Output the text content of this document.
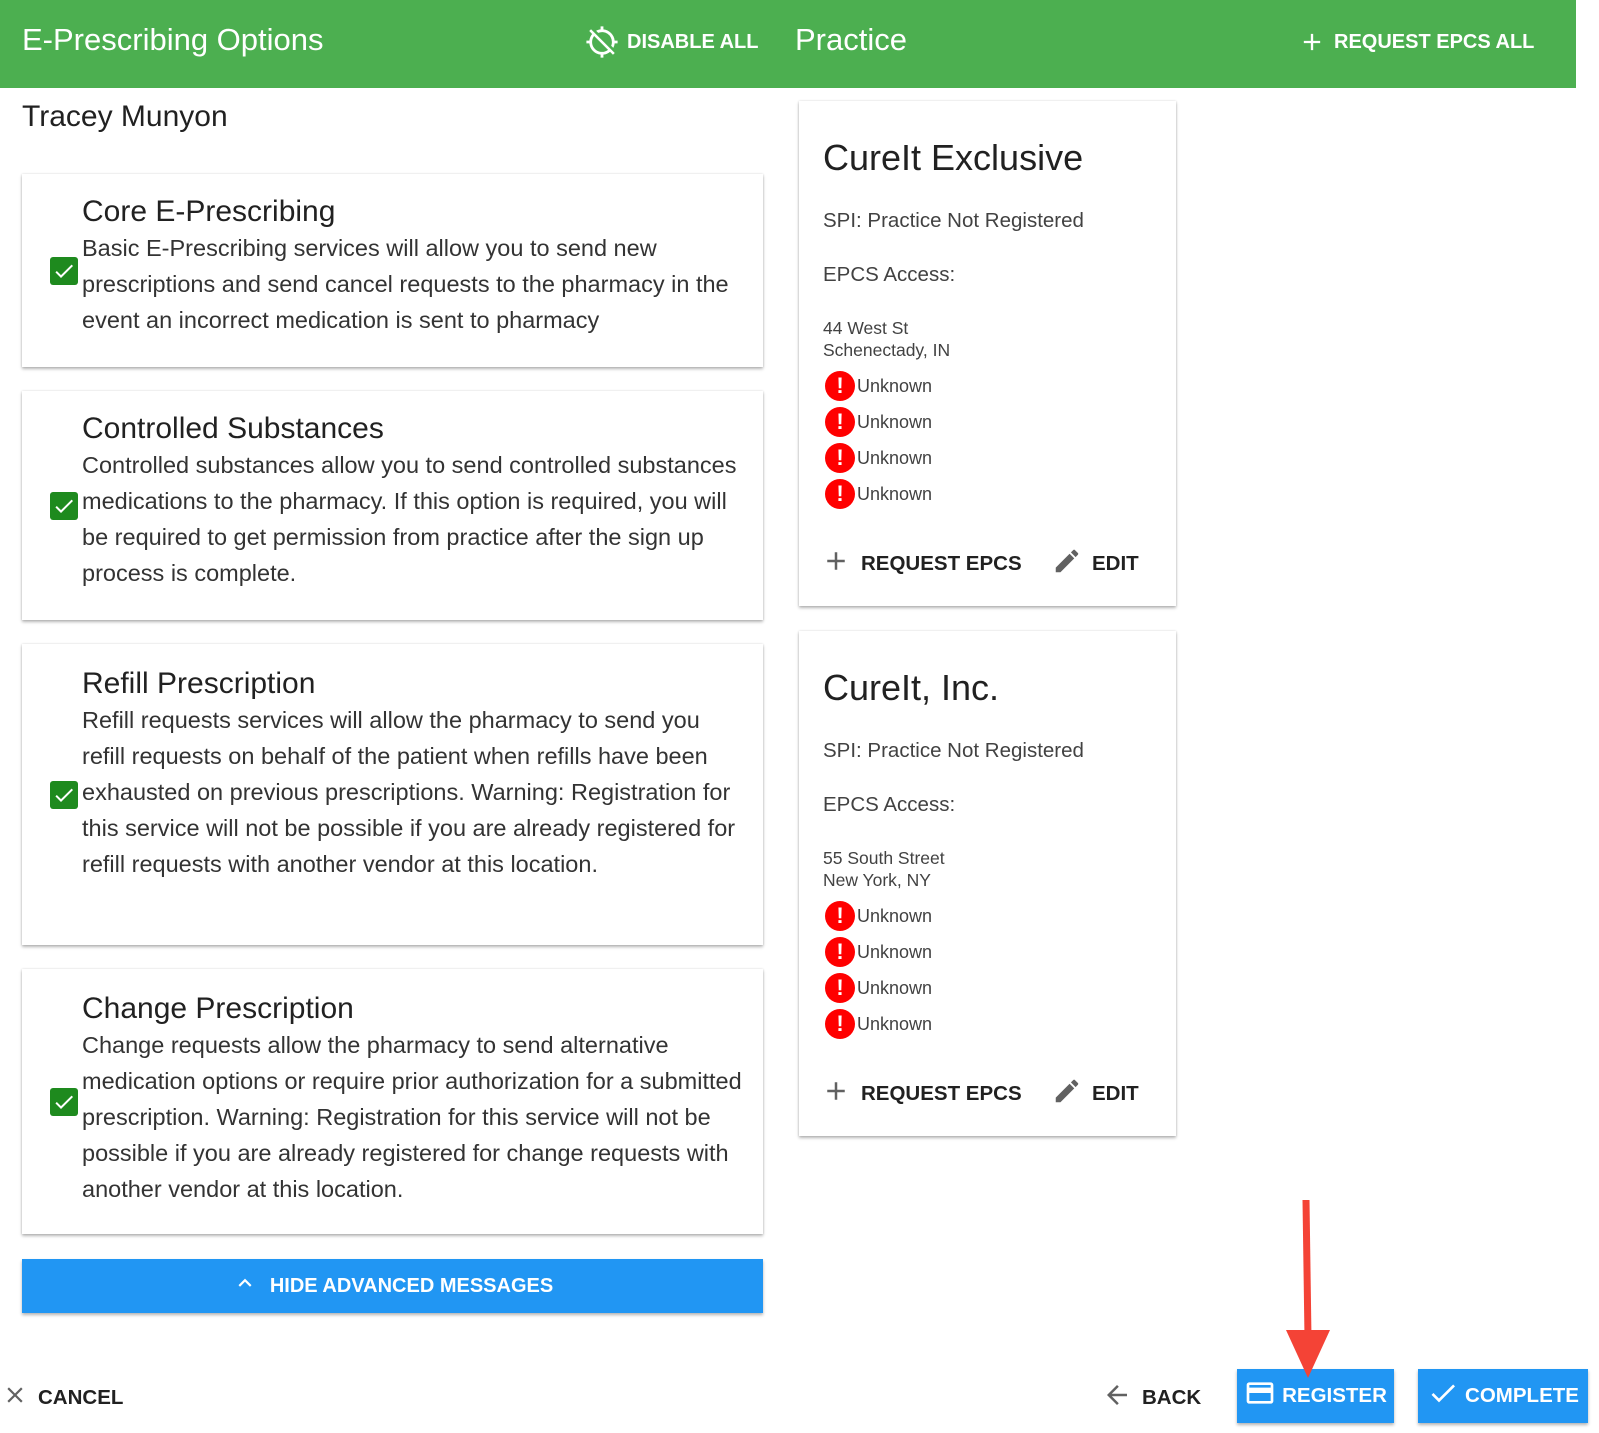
E-Prescribing Options	DISABLE ALL Practice	REQUEST EPCS ALL
Tracey Munyon
Core E-Prescribing
Basic E-Prescribing services will allow you to send new prescriptions and send cancel requests to the pharmacy in the event an incorrect medication is sent to pharmacy
Controlled Substances
Controlled substances allow you to send controlled substances medications to the pharmacy. If this option is required, you will be required to get permission from practice after the sign up process is complete.
Refill Prescription
Refill requests services will allow the pharmacy to send you refill requests on behalf of the patient when refills have been exhausted on previous prescriptions. Warning: Registration for this service will not be possible if you are already registered for refill requests with another vendor at this location.
Change Prescription
Change requests allow the pharmacy to send alternative medication options or require prior authorization for a submitted prescription. Warning: Registration for this service will not be possible if you are already registered for change requests with another vendor at this location.
HIDE ADVANCED MESSAGES
CureIt Exclusive
SPI: Practice Not Registered
EPCS Access:
44 West St
Schenectady, IN
! Unknown
! Unknown
! Unknown
! Unknown
REQUEST EPCS	EDIT
CureIt, Inc.
SPI: Practice Not Registered
EPCS Access:
55 South Street
New York, NY
! Unknown
! Unknown
! Unknown
! Unknown
REQUEST EPCS	EDIT
CANCEL	BACK	REGISTER	COMPLETE
